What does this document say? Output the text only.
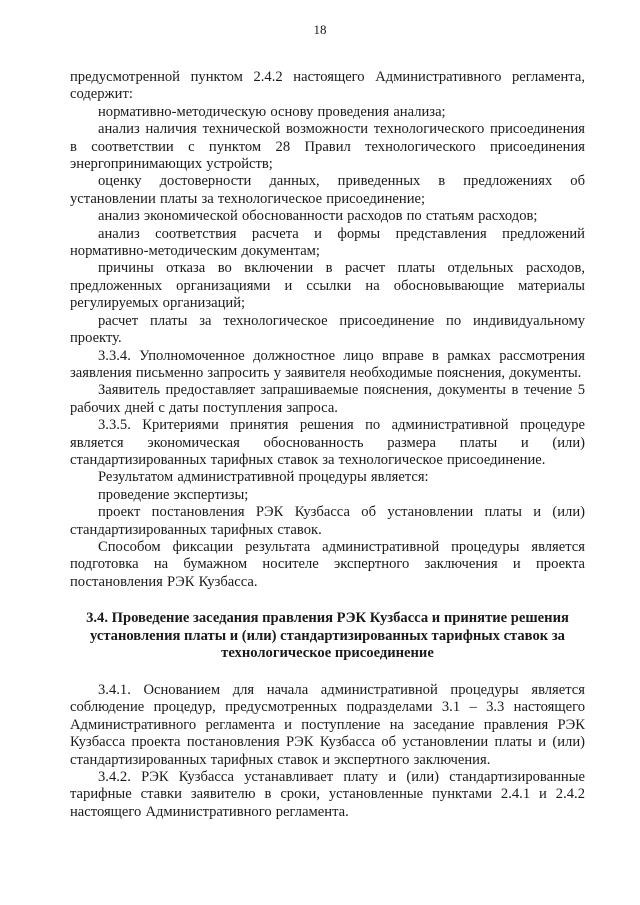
18

предусмотренной пунктом 2.4.2 настоящего Административного регламента, содержит:

нормативно-методическую основу проведения анализа;

анализ наличия технической возможности технологического присоединения в соответствии с пунктом 28 Правил технологического присоединения энергопринимающих устройств;

оценку достоверности данных, приведенных в предложениях об установлении платы за технологическое присоединение;

анализ экономической обоснованности расходов по статьям расходов;

анализ соответствия расчета и формы представления предложений нормативно-методическим документам;

причины отказа во включении в расчет платы отдельных расходов, предложенных организациями и ссылки на обосновывающие материалы регулируемых организаций;

расчет платы за технологическое присоединение по индивидуальному проекту.

3.3.4. Уполномоченное должностное лицо вправе в рамках рассмотрения заявления письменно запросить у заявителя необходимые пояснения, документы.

Заявитель предоставляет запрашиваемые пояснения, документы в течение 5 рабочих дней с даты поступления запроса.

3.3.5. Критериями принятия решения по административной процедуре является экономическая обоснованность размера платы и (или) стандартизированных тарифных ставок за технологическое присоединение.

Результатом административной процедуры является:

проведение экспертизы;

проект постановления РЭК Кузбасса об установлении платы и (или) стандартизированных тарифных ставок.

Способом фиксации результата административной процедуры является подготовка на бумажном носителе экспертного заключения и проекта постановления РЭК Кузбасса.

3.4. Проведение заседания правления РЭК Кузбасса и принятие решения установления платы и (или) стандартизированных тарифных ставок за технологическое присоединение

3.4.1. Основанием для начала административной процедуры является соблюдение процедур, предусмотренных подразделами 3.1 – 3.3 настоящего Административного регламента и поступление на заседание правления РЭК Кузбасса проекта постановления РЭК Кузбасса об установлении платы и (или) стандартизированных тарифных ставок и экспертного заключения.

3.4.2. РЭК Кузбасса устанавливает плату и (или) стандартизированные тарифные ставки заявителю в сроки, установленные пунктами 2.4.1 и 2.4.2 настоящего Административного регламента.
